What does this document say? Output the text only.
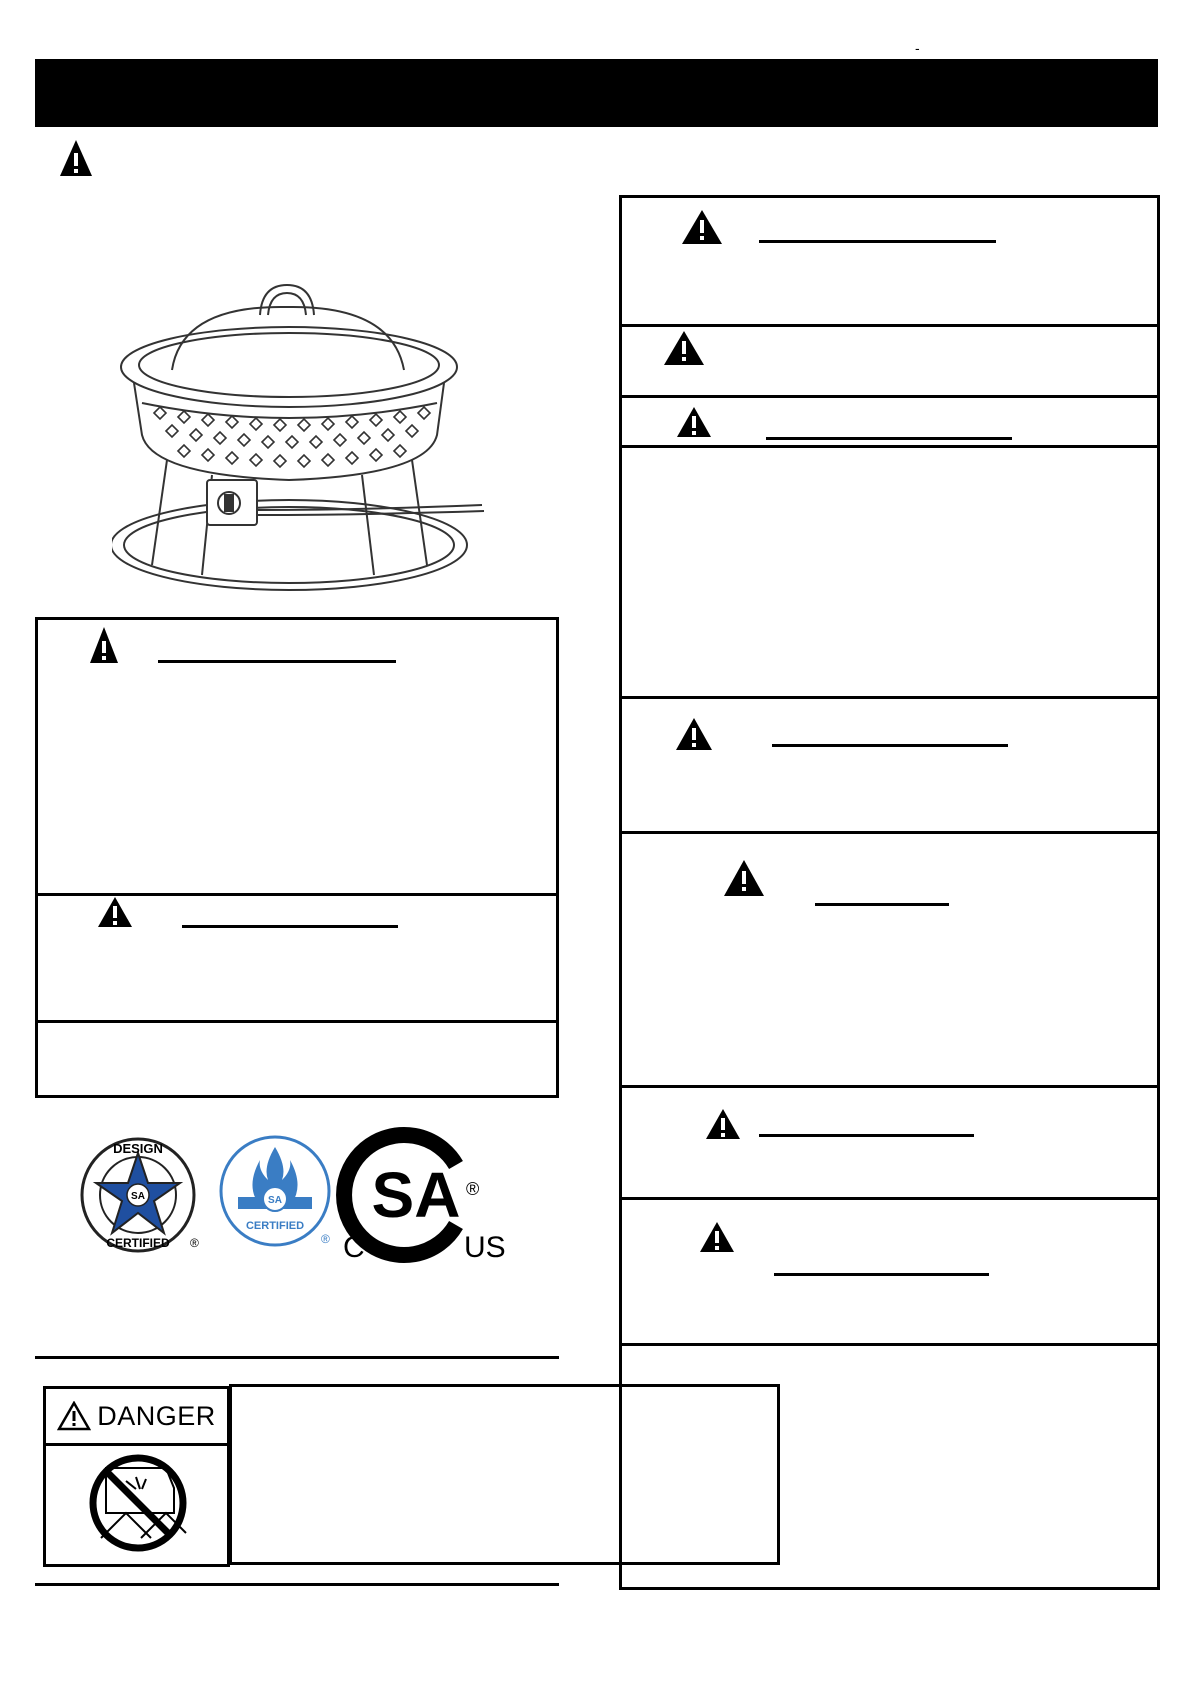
-
SA
DESIGN
CERTIFIED ®
SA
CERTIFIED
®
SA ®
C	US
DANGER
